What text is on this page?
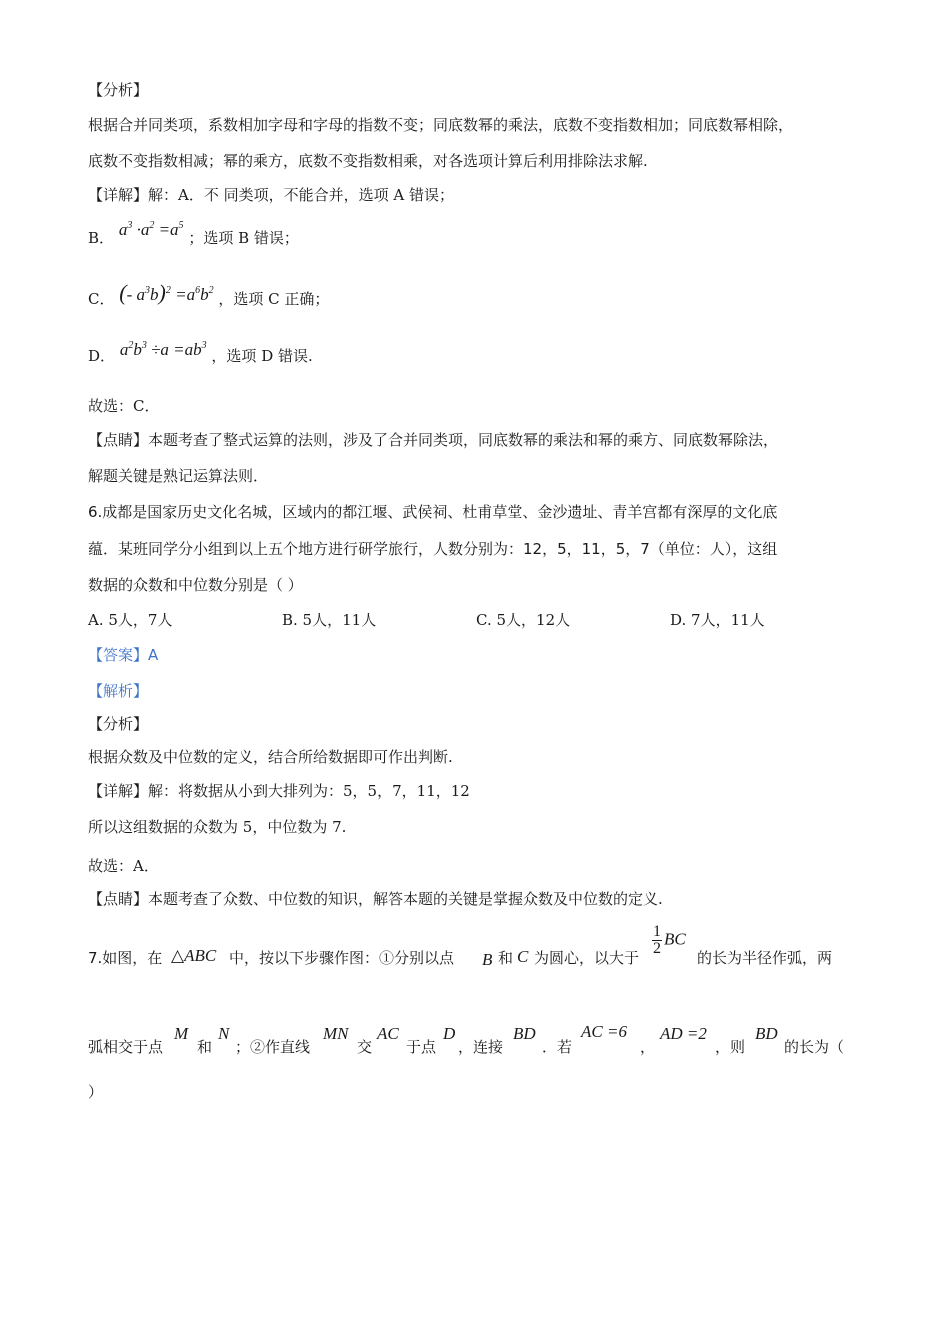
【分析】
根据合并同类项，系数相加字母和字母的指数不变；同底数幂的乘法，底数不变指数相加；同底数幂相除，
底数不变指数相减；幂的乘方，底数不变指数相乘，对各选项计算后利用排除法求解.
【详解】解：A．不 同类项，不能合并，选项 A 错误；
B． $a^3 \cdot a^2 =a^5$ ；选项 B 错误；
C． (- $a^3b)^2 =a^6b^2$ ，选项 C 正确；
D． $a^2b^3 \div a =ab^3$ ，选项 D 错误.
故选：C．
【点睛】本题考查了整式运算的法则，涉及了合并同类项，同底数幂的乘法和幂的乘方、同底数幂除法，
解题关键是熟记运算法则．
6.成都是国家历史文化名城，区域内的都江堰、武侯祠、杜甫草堂、金沙遗址、青羊宫都有深厚的文化底
蕴．某班同学分小组到以上五个地方进行研学旅行，人数分别为：12，5，11，5，7（单位：人），这组
数据的众数和中位数分别是（ ）
A. 5人，7人	B. 5人，11人	C. 5人，12人	D. 7人，11人
【答案】A
【解析】
【分析】
根据众数及中位数的定义，结合所给数据即可作出判断.
【详解】解：将数据从小到大排列为：5，5，7，11，12
所以这组数据的众数为 5，中位数为 7.
故选：A．
【点睛】本题考查了众数、中位数的知识，解答本题的关键是掌握众数及中位数的定义.
7.如图，在 △ABC 中，按以下步骤作图：①分别以点 B 和 C 为圆心，以大于
$\frac{1}{2}$ BC
的长为半径作弧，两
弧相交于点
M
和
N
；②作直线
MN
交
AC
于点
D
，连接
BD
．若
AC =6
，
AD =2
，则
BD
的长为（
）
